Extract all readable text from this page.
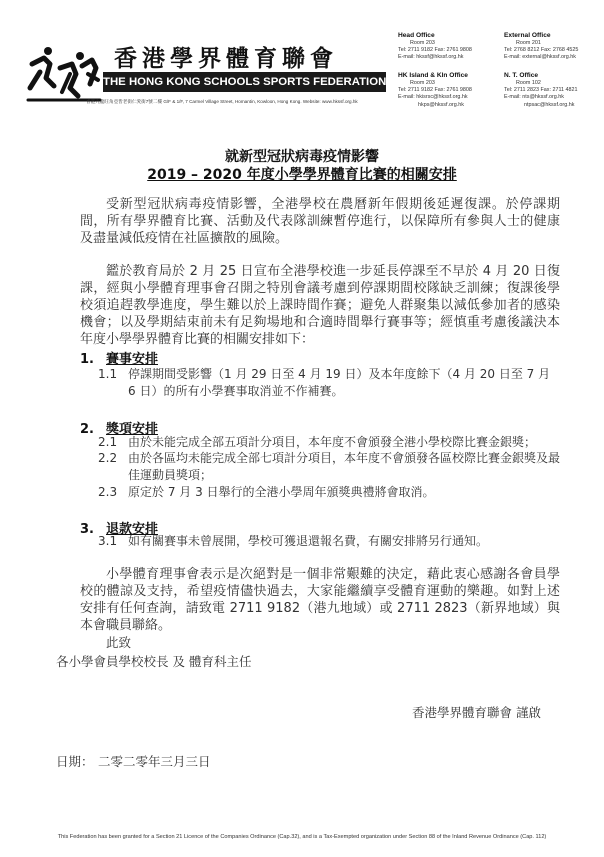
香港學界體育聯會
THE HONG KONG SCHOOLS SPORTS FEDERATION
香港九龍旺角亞皆老街仁愛街7號二樓 G/F & 1/F, 7 Carmel Village Street, Homantin, Kowloon, Hong Kong. Website: www.hkssf.org.hk
Head Office
Room 203
Tel: 2711 9182 Fax: 2761 9808
E-mail: hkssf@hkssf.org.hk
External Office
Room 201
Tel: 2768 8212 Fax: 2768 4525
E-mail: external@hkssf.org.hk
HK Island & Kln Office
Room 203
Tel: 2711 9182 Fax: 2761 9808
E-mail: hkisrsc@hkssf.org.hk
hkps@hkssf.org.hk
N. T. Office
Room 102
Tel: 2711 2823 Fax: 2711 4821
E-mail: nts@hkssf.org.hk
ntpsac@hkssf.org.hk
就新型冠狀病毒疫情影響
2019 – 2020 年度小學學界體育比賽的相關安排
受新型冠狀病毒疫情影響，全港學校在農曆新年假期後延遲復課。於停課期間，所有學界體育比賽、活動及代表隊訓練暫停進行，以保障所有參與人士的健康及盡量減低疫情在社區擴散的風險。
鑑於教育局於 2 月 25 日宣布全港學校進一步延長停課至不早於 4 月 20 日復課，經與小學體育理事會召開之特別會議考慮到停課期間校隊缺乏訓練；復課後學校須追趕教學進度，學生難以於上課時間作賽；避免人群聚集以減低參加者的感染機會；以及學期結束前未有足夠場地和合適時間舉行賽事等；經慎重考慮後議決本年度小學學界體育比賽的相關安排如下：
1. 賽事安排
1.1 停課期間受影響（1 月 29 日至 4 月 19 日）及本年度餘下（4 月 20 日至 7 月 6 日）的所有小學賽事取消並不作補賽。
2. 獎項安排
2.1 由於未能完成全部五項計分項目，本年度不會頒發全港小學校際比賽金銀獎；
2.2 由於各區均未能完成全部七項計分項目，本年度不會頒發各區校際比賽金銀獎及最佳運動員獎項；
2.3 原定於 7 月 3 日舉行的全港小學周年頒獎典禮將會取消。
3. 退款安排
3.1 如有關賽事未曾展開，學校可獲退還報名費，有關安排將另行通知。
小學體育理事會表示是次絕對是一個非常艱難的決定，藉此衷心感謝各會員學校的體諒及支持，希望疫情儘快過去，大家能繼續享受體育運動的樂趣。如對上述安排有任何查詢，請致電 2711 9182（港九地域）或 2711 2823（新界地域）與本會職員聯絡。
此致
各小學會員學校校長 及 體育科主任
香港學界體育聯會 謹啟
日期： 二零二零年三月三日
This Federation has been granted for a Section 21 Licence of the Companies Ordinance (Cap.32), and is a Tax-Exempted organization under Section 88 of the Inland Revenue Ordinance (Cap. 112)
